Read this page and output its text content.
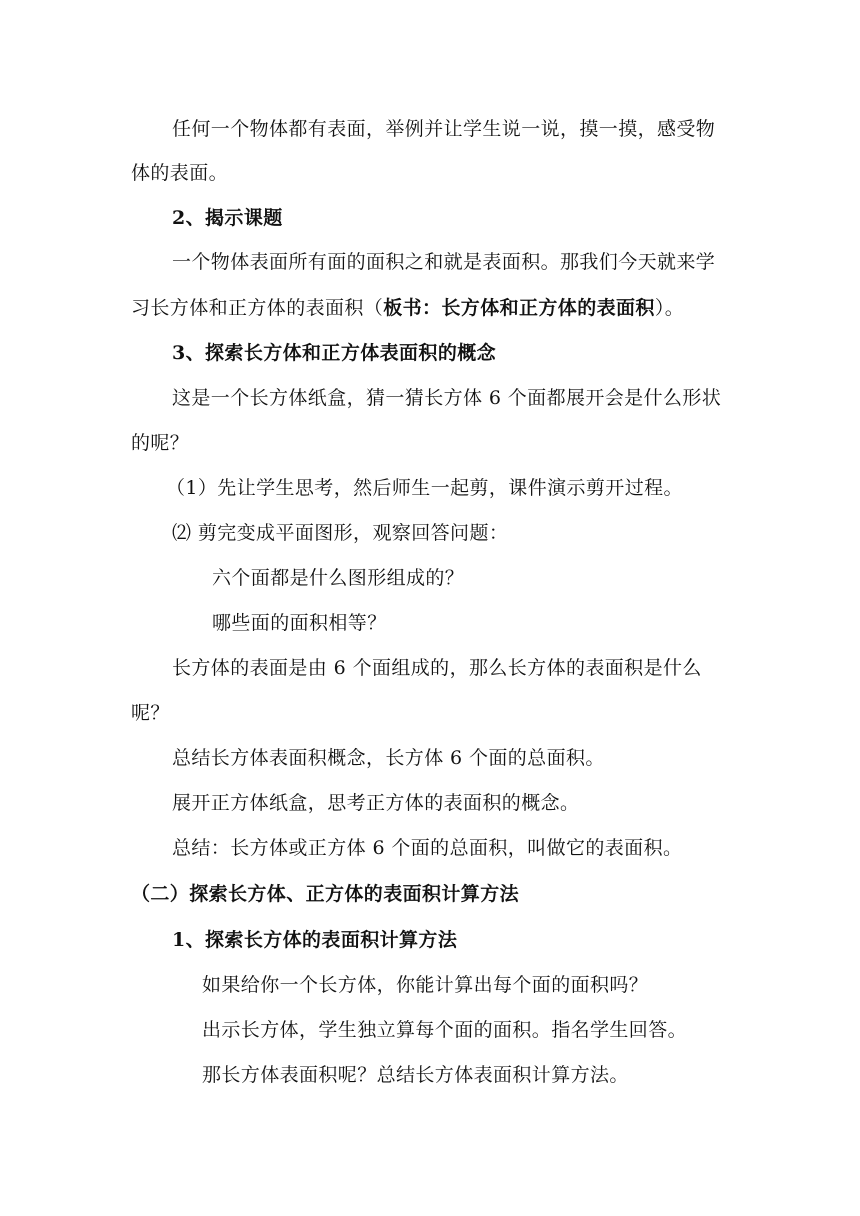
任何一个物体都有表面，举例并让学生说一说，摸一摸，感受物
体的表面。
2、揭示课题
一个物体表面所有面的面积之和就是表面积。那我们今天就来学
习长方体和正方体的表面积（板书：长方体和正方体的表面积）。
3、探索长方体和正方体表面积的概念
这是一个长方体纸盒，猜一猜长方体 6 个面都展开会是什么形状
的呢？
（1）先让学生思考，然后师生一起剪，课件演示剪开过程。
⑵ 剪完变成平面图形，观察回答问题：
六个面都是什么图形组成的？
哪些面的面积相等？
长方体的表面是由 6 个面组成的，那么长方体的表面积是什么
呢？
总结长方体表面积概念，长方体 6 个面的总面积。
展开正方体纸盒，思考正方体的表面积的概念。
总结：长方体或正方体 6 个面的总面积，叫做它的表面积。
（二）探索长方体、正方体的表面积计算方法
1、探索长方体的表面积计算方法
如果给你一个长方体，你能计算出每个面的面积吗？
出示长方体，学生独立算每个面的面积。指名学生回答。
那长方体表面积呢？总结长方体表面积计算方法。
